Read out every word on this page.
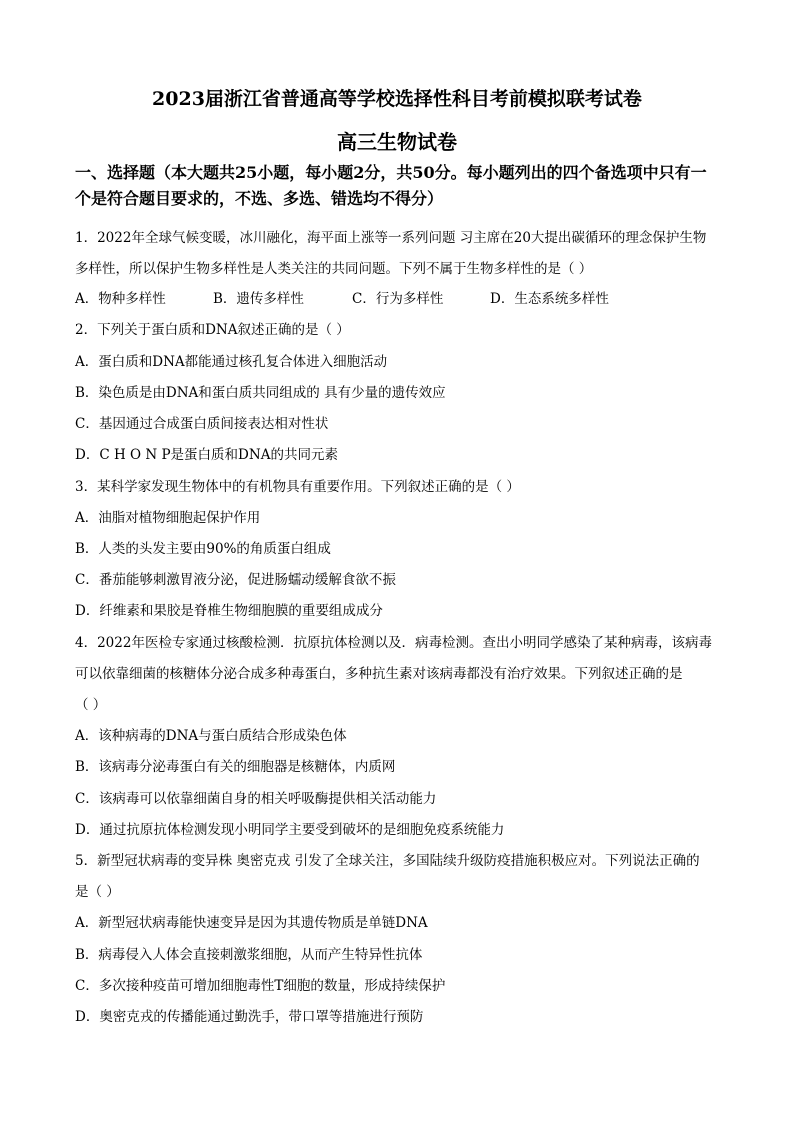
2023届浙江省普通高等学校选择性科目考前模拟联考试卷
高三生物试卷
一、选择题（本大题共25小题，每小题2分，共50分。每小题列出的四个备选项中只有一
个是符合题目要求的，不选、多选、错选均不得分）
1．2022年全球气候变暖，冰川融化，海平面上涨等一系列问题 习主席在20大提出碳循环的理念保护生物
多样性，所以保护生物多样性是人类关注的共同问题。下列不属于生物多样性的是（ ）
A．物种多样性	B．遗传多样性	C．行为多样性	D．生态系统多样性
2．下列关于蛋白质和DNA叙述正确的是（ ）
A．蛋白质和DNA都能通过核孔复合体进入细胞活动
B．染色质是由DNA和蛋白质共同组成的 具有少量的遗传效应
C．基因通过合成蛋白质间接表达相对性状
D．C H O N P是蛋白质和DNA的共同元素
3．某科学家发现生物体中的有机物具有重要作用。下列叙述正确的是（ ）
A．油脂对植物细胞起保护作用
B．人类的头发主要由90%的角质蛋白组成
C．番茄能够刺激胃液分泌，促进肠蠕动缓解食欲不振
D．纤维素和果胶是脊椎生物细胞膜的重要组成成分
4．2022年医检专家通过核酸检测．抗原抗体检测以及．病毒检测。查出小明同学感染了某种病毒，该病毒
可以依靠细菌的核糖体分泌合成多种毒蛋白，多种抗生素对该病毒都没有治疗效果。下列叙述正确的是
（ ）
A．该种病毒的DNA与蛋白质结合形成染色体
B．该病毒分泌毒蛋白有关的细胞器是核糖体，内质网
C．该病毒可以依靠细菌自身的相关呼吸酶提供相关活动能力
D．通过抗原抗体检测发现小明同学主要受到破坏的是细胞免疫系统能力
5．新型冠状病毒的变异株 奥密克戎 引发了全球关注，多国陆续升级防疫措施积极应对。下列说法正确的
是（ ）
A．新型冠状病毒能快速变异是因为其遗传物质是单链DNA
B．病毒侵入人体会直接刺激浆细胞，从而产生特异性抗体
C．多次接种疫苗可增加细胞毒性T细胞的数量，形成持续保护
D．奥密克戎的传播能通过勤洗手，带口罩等措施进行预防
